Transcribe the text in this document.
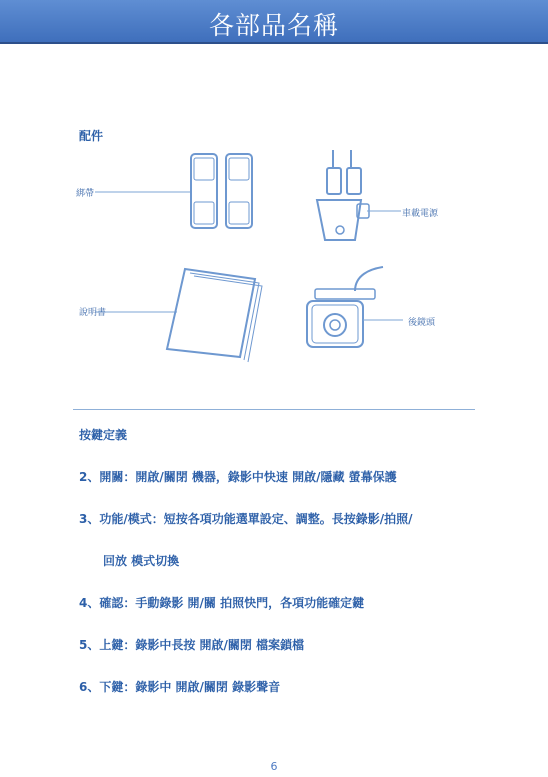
各部品名稱
配件
綁帶
車載電源
說明書
後鏡頭
按鍵定義
2、開關：開啟/關閉 機器，錄影中快速 開啟/隱藏 螢幕保護
3、功能/模式：短按各項功能選單設定、調整。長按錄影/拍照/
回放 模式切換
4、確認：手動錄影 開/關 拍照快門，各項功能確定鍵
5、上鍵：錄影中長按 開啟/關閉 檔案鎖檔
6、下鍵：錄影中 開啟/關閉 錄影聲音
6
